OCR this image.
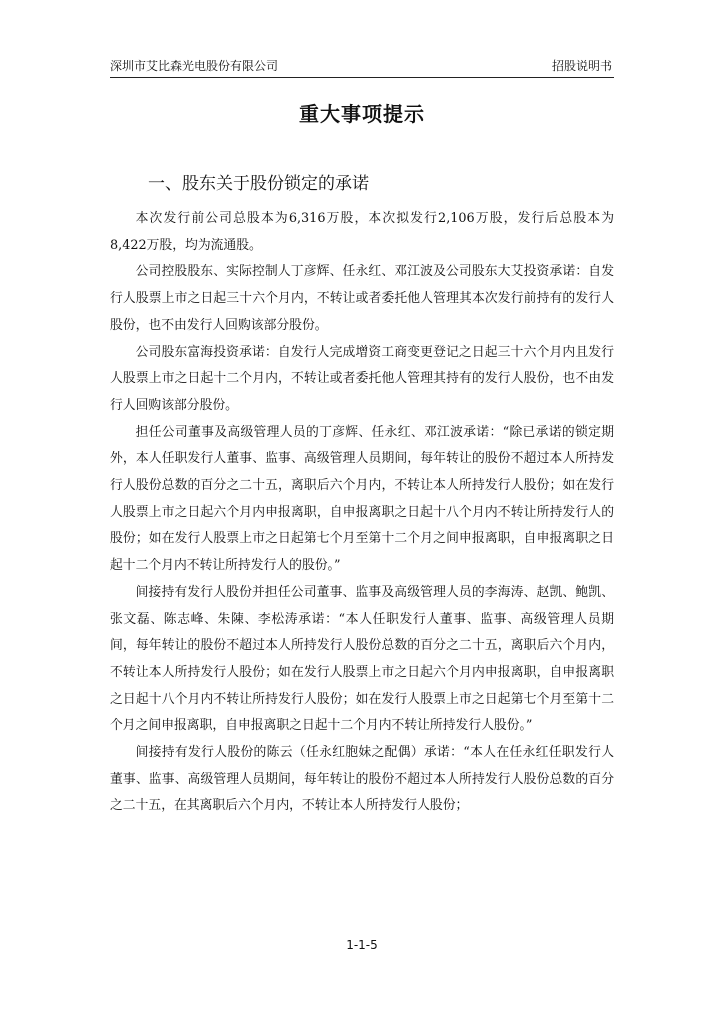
深圳市艾比森光电股份有限公司	招股说明书
重大事项提示
一、股东关于股份锁定的承诺

本次发行前公司总股本为6,316万股，本次拟发行2,106万股，发行后总股本为8,422万股，均为流通股。

公司控股股东、实际控制人丁彦辉、任永红、邓江波及公司股东大艾投资承诺：自发行人股票上市之日起三十六个月内，不转让或者委托他人管理其本次发行前持有的发行人股份，也不由发行人回购该部分股份。

公司股东富海投资承诺：自发行人完成增资工商变更登记之日起三十六个月内且发行人股票上市之日起十二个月内，不转让或者委托他人管理其持有的发行人股份，也不由发行人回购该部分股份。

担任公司董事及高级管理人员的丁彦辉、任永红、邓江波承诺：“除已承诺的锁定期外，本人任职发行人董事、监事、高级管理人员期间，每年转让的股份不超过本人所持发行人股份总数的百分之二十五，离职后六个月内，不转让本人所持发行人股份；如在发行人股票上市之日起六个月内申报离职，自申报离职之日起十八个月内不转让所持发行人的股份；如在发行人股票上市之日起第七个月至第十二个月之间申报离职，自申报离职之日起十二个月内不转让所持发行人的股份。”

间接持有发行人股份并担任公司董事、监事及高级管理人员的李海涛、赵凯、鲍凯、张文磊、陈志峰、朱陳、李松涛承诺：“本人任职发行人董事、监事、高级管理人员期间，每年转让的股份不超过本人所持发行人股份总数的百分之二十五，离职后六个月内，不转让本人所持发行人股份；如在发行人股票上市之日起六个月内申报离职，自申报离职之日起十八个月内不转让所持发行人股份；如在发行人股票上市之日起第七个月至第十二个月之间申报离职，自申报离职之日起十二个月内不转让所持发行人股份。”

间接持有发行人股份的陈云（任永红胞妹之配偶）承诺：“本人在任永红任职发行人董事、监事、高级管理人员期间，每年转让的股份不超过本人所持发行人股份总数的百分之二十五，在其离职后六个月内，不转让本人所持发行人股份；

1-1-5
